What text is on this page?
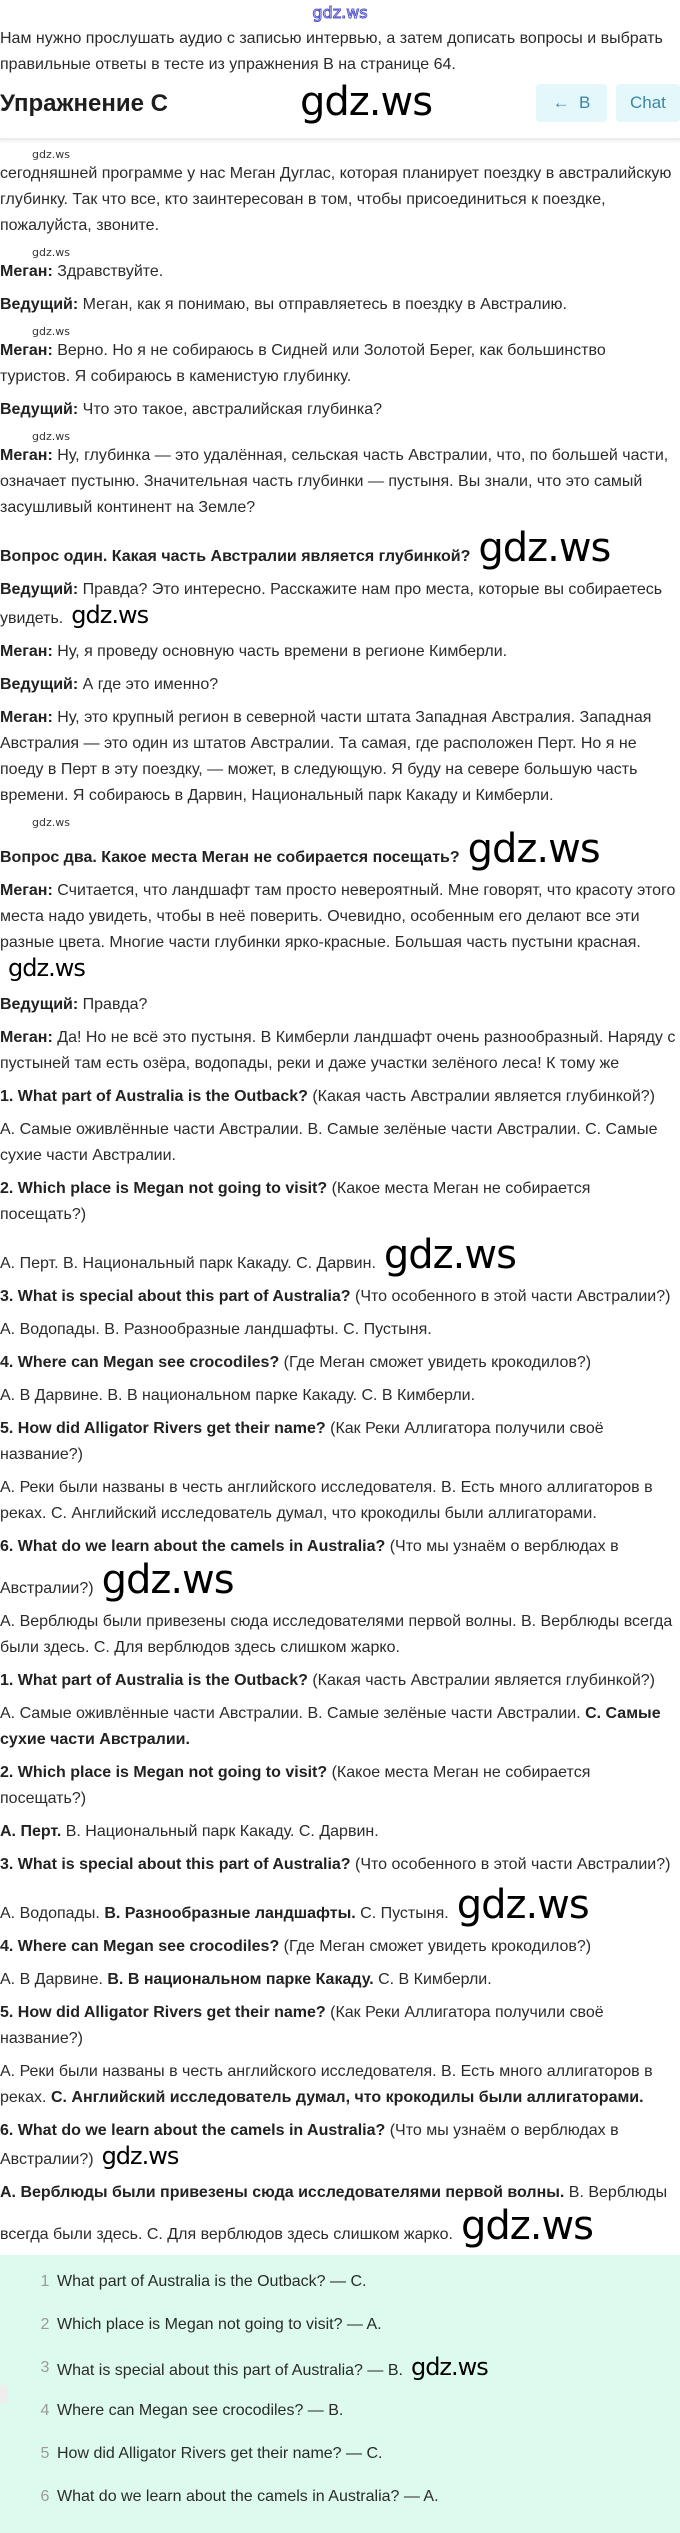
gdz.ws
Нам нужно прослушать аудио с записью интервью, а затем дописать вопросы и выбрать правильные ответы в тесте из упражнения B на странице 64.
Упражнение C	gdz.ws	← B	Chat
gdz.ws
сегодняшней программе у нас Меган Дуглас, которая планирует поездку в австралийскую глубинку. Так что все, кто заинтересован в том, чтобы присоединиться к поездке, пожалуйста, звоните.
gdz.ws
Меган: Здравствуйте.
Ведущий: Меган, как я понимаю, вы отправляетесь в поездку в Австралию.
gdz.ws
Меган: Верно. Но я не собираюсь в Сидней или Золотой Берег, как большинство туристов. Я собираюсь в каменистую глубинку.
Ведущий: Что это такое, австралийская глубинка?
gdz.ws
Меган: Ну, глубинка — это удалённая, сельская часть Австралии, что, по большей части, означает пустыню. Значительная часть глубинки — пустыня. Вы знали, что это самый засушливый континент на Земле?
Вопрос один. Какая часть Австралии является глубинкой? gdz.ws
Ведущий: Правда? Это интересно. Расскажите нам про места, которые вы собираетесь увидеть. gdz.ws
Меган: Ну, я проведу основную часть времени в регионе Кимберли.
Ведущий: А где это именно?
Меган: Ну, это крупный регион в северной части штата Западная Австралия. Западная Австралия — это один из штатов Австралии. Та самая, где расположен Перт. Но я не поеду в Перт в эту поездку, — может, в следующую. Я буду на севере большую часть времени. Я собираюсь в Дарвин, Национальный парк Какаду и Кимберли.
gdz.ws
Вопрос два. Какое места Меган не собирается посещать? gdz.ws
Меган: Считается, что ландшафт там просто невероятный. Мне говорят, что красоту этого места надо увидеть, чтобы в неё поверить. Очевидно, особенным его делают все эти разные цвета. Многие части глубинки ярко-красные. Большая часть пустыни красная.gdz.ws
Ведущий: Правда?
Меган: Да! Но не всё это пустыня. В Кимберли ландшафт очень разнообразный. Наряду с пустыней там есть озёра, водопады, реки и даже участки зелёного леса! К тому же
1. What part of Australia is the Outback? (Какая часть Австралии является глубинкой?)
A. Самые оживлённые части Австралии. B. Самые зелёные части Австралии. C. Самые сухие части Австралии.
2. Which place is Megan not going to visit? (Какое места Меган не собирается посещать?)
A. Перт. B. Национальный парк Какаду. C. Дарвин. gdz.ws
3. What is special about this part of Australia? (Что особенного в этой части Австралии?)
A. Водопады. B. Разнообразные ландшафты. C. Пустыня.
4. Where can Megan see crocodiles? (Где Меган сможет увидеть крокодилов?)
A. В Дарвине. B. В национальном парке Какаду. C. В Кимберли.
5. How did Alligator Rivers get their name? (Как Реки Аллигатора получили своё название?)
A. Реки были названы в честь английского исследователя. B. Есть много аллигаторов в реках. C. Английский исследователь думал, что крокодилы были аллигаторами.
6. What do we learn about the camels in Australia? (Что мы узнаём о верблюдах в Австралии?) gdz.ws
A. Верблюды были привезены сюда исследователями первой волны. B. Верблюды всегда были здесь. C. Для верблюдов здесь слишком жарко.
1. What part of Australia is the Outback? (Какая часть Австралии является глубинкой?)
A. Самые оживлённые части Австралии. B. Самые зелёные части Австралии. C. Самые сухие части Австралии.
2. Which place is Megan not going to visit? (Какое места Меган не собирается посещать?)
A. Перт. B. Национальный парк Какаду. C. Дарвин.
3. What is special about this part of Australia? (Что особенного в этой части Австралии?)
A. Водопады. B. Разнообразные ландшафты. C. Пустыня. gdz.ws
4. Where can Megan see crocodiles? (Где Меган сможет увидеть крокодилов?)
A. В Дарвине. B. В национальном парке Какаду. C. В Кимберли.
5. How did Alligator Rivers get their name? (Как Реки Аллигатора получили своё название?)
A. Реки были названы в честь английского исследователя. B. Есть много аллигаторов в реках. C. Английский исследователь думал, что крокодилы были аллигаторами.
6. What do we learn about the camels in Australia? (Что мы узнаём о верблюдах в Австралии?) gdz.ws
A. Верблюды были привезены сюда исследователями первой волны. B. Верблюды всегда были здесь. C. Для верблюдов здесь слишком жарко. gdz.ws
1 What part of Australia is the Outback? — C.
2 Which place is Megan not going to visit? — A.
3 What is special about this part of Australia? — B. gdz.ws
4 Where can Megan see crocodiles? — B.
5 How did Alligator Rivers get their name? — C.
6 What do we learn about the camels in Australia? — A.
